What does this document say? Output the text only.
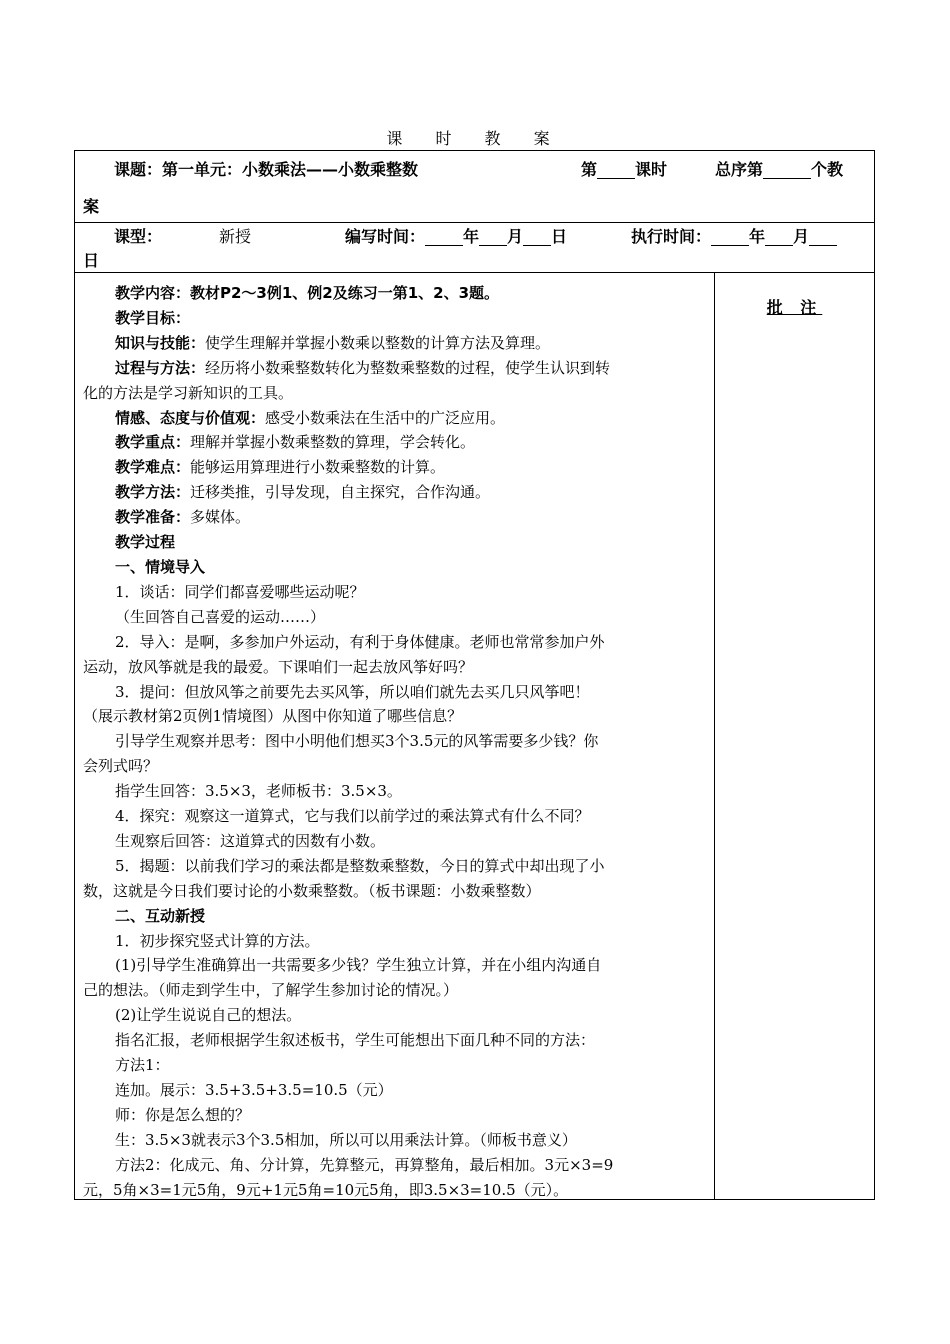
课 时 教 案
课题： 第一单元：小数乘法——小数乘整数	第 课时	总序第	个教
案
课型：	新授	编写时间： 年 月 日	执行时间： 年 月
日
批 注

教学内容：教材P2～3例1、例2及练习一第1、2、3题。

教学目标：

知识与技能：使学生理解并掌握小数乘以整数的计算方法及算理。

过程与方法：经历将小数乘整数转化为整数乘整数的过程，使学生认识到转

化的方法是学习新知识的工具。

情感、态度与价值观：感受小数乘法在生活中的广泛应用。

教学重点：理解并掌握小数乘整数的算理，学会转化。

教学难点：能够运用算理进行小数乘整数的计算。

教学方法：迁移类推，引导发现，自主探究，合作沟通。

教学准备：多媒体。

教学过程

一、情境导入

1．谈话：同学们都喜爱哪些运动呢？

（生回答自己喜爱的运动……）

2．导入：是啊，多参加户外运动，有利于身体健康。老师也常常参加户外

运动，放风筝就是我的最爱。下课咱们一起去放风筝好吗？

3．提问：但放风筝之前要先去买风筝，所以咱们就先去买几只风筝吧！

（展示教材第2页例1情境图）从图中你知道了哪些信息？

引导学生观察并思考：图中小明他们想买3个3.5元的风筝需要多少钱？你

会列式吗？

指学生回答：3.5×3，老师板书：3.5×3。

4．探究：观察这一道算式，它与我们以前学过的乘法算式有什么不同？

生观察后回答：这道算式的因数有小数。

5．揭题：以前我们学习的乘法都是整数乘整数，今日的算式中却出现了小

数，这就是今日我们要讨论的小数乘整数。（板书课题：小数乘整数）

二、互动新授

1．初步探究竖式计算的方法。

(1)引导学生准确算出一共需要多少钱？学生独立计算，并在小组内沟通自

己的想法。（师走到学生中，了解学生参加讨论的情况。）

(2)让学生说说自己的想法。

指名汇报，老师根据学生叙述板书，学生可能想出下面几种不同的方法：

方法1：

连加。展示：3.5+3.5+3.5=10.5（元）

师：你是怎么想的？

生：3.5×3就表示3个3.5相加，所以可以用乘法计算。（师板书意义）

方法2：化成元、角、分计算，先算整元，再算整角，最后相加。3元×3=9

元，5角×3=1元5角，9元+1元5角=10元5角，即3.5×3=10.5（元）。
